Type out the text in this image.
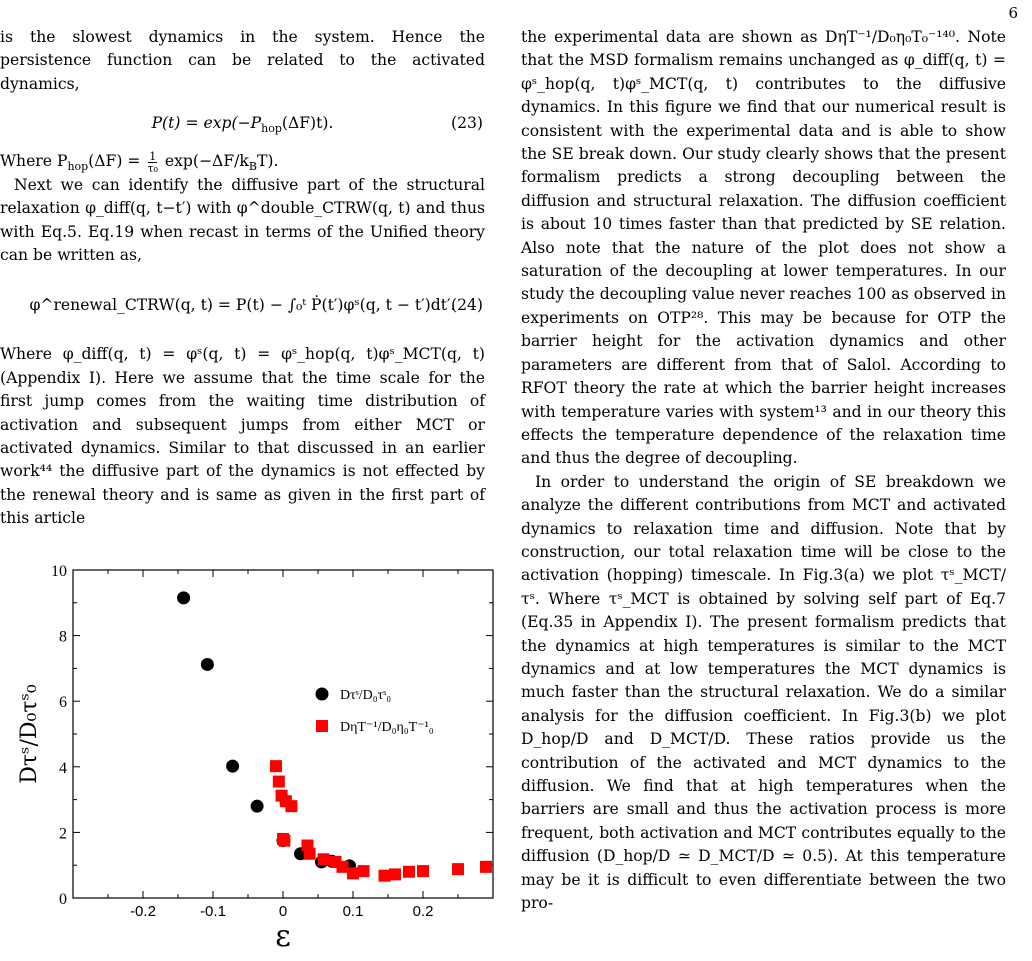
6

is the slowest dynamics in the system. Hence the persistence function can be related to the activated dynamics,

$P(t) = \exp(-P_{hop}(\Delta F)t)$.	(23)

Where $P_{hop}(\Delta F) = \frac{1}{\text{τ₀}} \exp(-\Delta F/k_BT)$.

Next we can identify the diffusive part of the structural relaxation φ_diff(q, t−t′) with φ^double_CTRW(q, t) and thus with Eq.5. Eq.19 when recast in terms of the Unified theory can be written as,

φ^renewal_CTRW(q, t) = P(t) − ∫₀ᵗ Ṗ(t′)φˢ(q, t − t′)dt′.
(24)

Where φ_diff(q, t) = φˢ(q, t) = φˢ_hop(q, t)φˢ_MCT(q, t) (Appendix I). Here we assume that the time scale for the first jump comes from the waiting time distribution of activation and subsequent jumps from either MCT or activated dynamics. Similar to that discussed in an earlier work⁴⁴ the diffusive part of the dynamics is not effected by the renewal theory and is same as given in the first part of this article

0
2
4
6
8
10
-0.2	-0.1	0	0.1	0.2
ε
Dτˢ/D₀τˢ₀	Dτˢ/D₀τˢ₀
DηT⁻¹/D₀η₀T⁻¹₀

the experimental data are shown as DηT⁻¹/D₀η₀T₀⁻¹⁴⁰. Note that the MSD formalism remains unchanged as φ_diff(q, t) = φˢ_hop(q, t)φˢ_MCT(q, t) contributes to the diffusive dynamics. In this figure we find that our numerical result is consistent with the experimental data and is able to show the SE break down. Our study clearly shows that the present formalism predicts a strong decoupling between the diffusion and structural relaxation. The diffusion coefficient is about 10 times faster than that predicted by SE relation. Also note that the nature of the plot does not show a saturation of the decoupling at lower temperatures. In our study the decoupling value never reaches 100 as observed in experiments on OTP²⁸. This may be because for OTP the barrier height for the activation dynamics and other parameters are different from that of Salol. According to RFOT theory the rate at which the barrier height increases with temperature varies with system¹³ and in our theory this effects the temperature dependence of the relaxation time and thus the degree of decoupling.

In order to understand the origin of SE breakdown we analyze the different contributions from MCT and activated dynamics to relaxation time and diffusion. Note that by construction, our total relaxation time will be close to the activation (hopping) timescale. In Fig.3(a) we plot τˢ_MCT/τˢ. Where τˢ_MCT is obtained by solving self part of Eq.7 (Eq.35 in Appendix I). The present formalism predicts that the dynamics at high temperatures is similar to the MCT dynamics and at low temperatures the MCT dynamics is much faster than the structural relaxation. We do a similar analysis for the diffusion coefficient. In Fig.3(b) we plot D_hop/D and D_MCT/D. These ratios provide us the contribution of the activated and MCT dynamics to the diffusion. We find that at high temperatures when the barriers are small and thus the activation process is more frequent, both activation and MCT contributes equally to the diffusion (D_hop/D ≃ D_MCT/D ≃ 0.5). At this temperature may be it is difficult to even differentiate between the two pro-
